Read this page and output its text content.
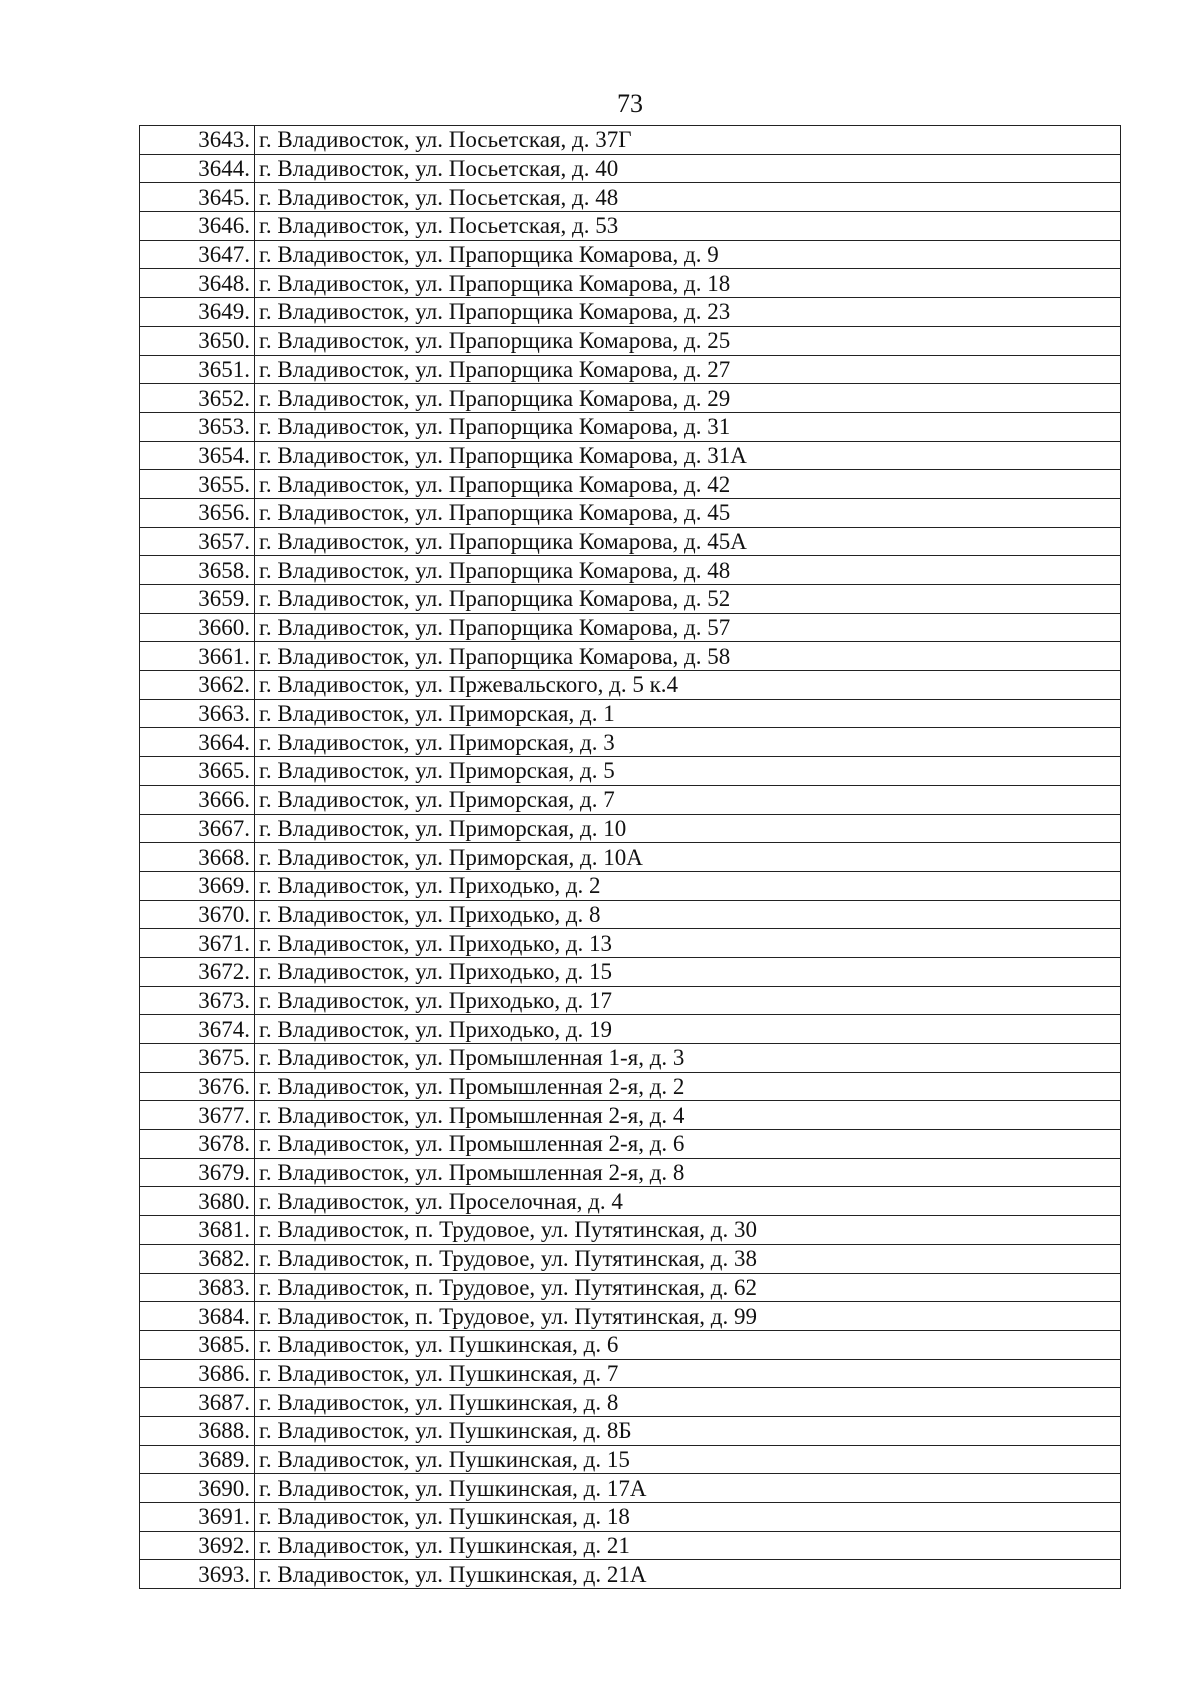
73
3643.	г. Владивосток, ул. Посьетская, д. 37Г
3644.	г. Владивосток, ул. Посьетская, д. 40
3645.	г. Владивосток, ул. Посьетская, д. 48
3646.	г. Владивосток, ул. Посьетская, д. 53
3647.	г. Владивосток, ул. Прапорщика Комарова, д. 9
3648.	г. Владивосток, ул. Прапорщика Комарова, д. 18
3649.	г. Владивосток, ул. Прапорщика Комарова, д. 23
3650.	г. Владивосток, ул. Прапорщика Комарова, д. 25
3651.	г. Владивосток, ул. Прапорщика Комарова, д. 27
3652.	г. Владивосток, ул. Прапорщика Комарова, д. 29
3653.	г. Владивосток, ул. Прапорщика Комарова, д. 31
3654.	г. Владивосток, ул. Прапорщика Комарова, д. 31А
3655.	г. Владивосток, ул. Прапорщика Комарова, д. 42
3656.	г. Владивосток, ул. Прапорщика Комарова, д. 45
3657.	г. Владивосток, ул. Прапорщика Комарова, д. 45А
3658.	г. Владивосток, ул. Прапорщика Комарова, д. 48
3659.	г. Владивосток, ул. Прапорщика Комарова, д. 52
3660.	г. Владивосток, ул. Прапорщика Комарова, д. 57
3661.	г. Владивосток, ул. Прапорщика Комарова, д. 58
3662.	г. Владивосток, ул. Пржевальского, д. 5 к.4
3663.	г. Владивосток, ул. Приморская, д. 1
3664.	г. Владивосток, ул. Приморская, д. 3
3665.	г. Владивосток, ул. Приморская, д. 5
3666.	г. Владивосток, ул. Приморская, д. 7
3667.	г. Владивосток, ул. Приморская, д. 10
3668.	г. Владивосток, ул. Приморская, д. 10А
3669.	г. Владивосток, ул. Приходько, д. 2
3670.	г. Владивосток, ул. Приходько, д. 8
3671.	г. Владивосток, ул. Приходько, д. 13
3672.	г. Владивосток, ул. Приходько, д. 15
3673.	г. Владивосток, ул. Приходько, д. 17
3674.	г. Владивосток, ул. Приходько, д. 19
3675.	г. Владивосток, ул. Промышленная 1-я, д. 3
3676.	г. Владивосток, ул. Промышленная 2-я, д. 2
3677.	г. Владивосток, ул. Промышленная 2-я, д. 4
3678.	г. Владивосток, ул. Промышленная 2-я, д. 6
3679.	г. Владивосток, ул. Промышленная 2-я, д. 8
3680.	г. Владивосток, ул. Проселочная, д. 4
3681.	г. Владивосток, п. Трудовое, ул. Путятинская, д. 30
3682.	г. Владивосток, п. Трудовое, ул. Путятинская, д. 38
3683.	г. Владивосток, п. Трудовое, ул. Путятинская, д. 62
3684.	г. Владивосток, п. Трудовое, ул. Путятинская, д. 99
3685.	г. Владивосток, ул. Пушкинская, д. 6
3686.	г. Владивосток, ул. Пушкинская, д. 7
3687.	г. Владивосток, ул. Пушкинская, д. 8
3688.	г. Владивосток, ул. Пушкинская, д. 8Б
3689.	г. Владивосток, ул. Пушкинская, д. 15
3690.	г. Владивосток, ул. Пушкинская, д. 17А
3691.	г. Владивосток, ул. Пушкинская, д. 18
3692.	г. Владивосток, ул. Пушкинская, д. 21
3693.	г. Владивосток, ул. Пушкинская, д. 21А
